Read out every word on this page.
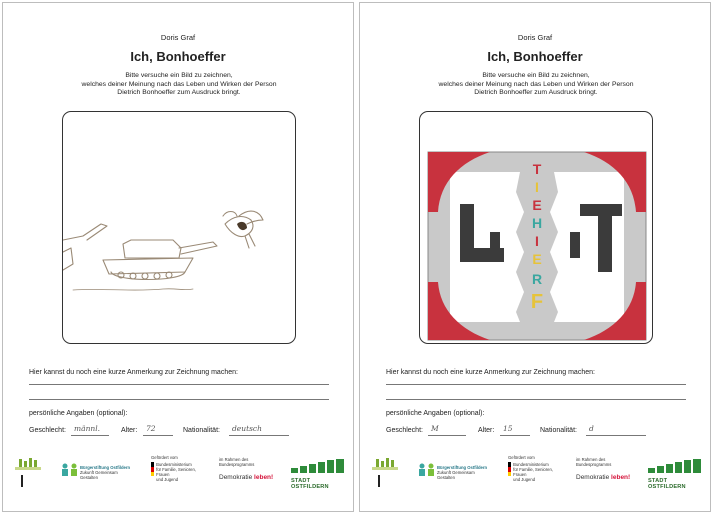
Doris Graf
Ich, Bonhoeffer
Bitte versuche ein Bild zu zeichnen,
welches deiner Meinung nach das Leben und Wirken der Person
Dietrich Bonhoeffer zum Ausdruck bringt.
Hier kannst du noch eine kurze Anmerkung zur Zeichnung machen:
persönliche Angaben (optional):
Geschlecht:	männl.	Alter:	72	Nationalität:	deutsch
Bürgerstiftung Ostfildern
Zukunft Gemeinsam Gestalten
Gefördert vom
Bundesministerium
für Familie, Senioren, Frauen
und Jugend
im Rahmen des Bundesprogramms
Demokratie leben!	STADT OSTFILDERN
Doris Graf
Ich, Bonhoeffer
Bitte versuche ein Bild zu zeichnen,
welches deiner Meinung nach das Leben und Wirken der Person
Dietrich Bonhoeffer zum Ausdruck bringt.
T
I
E
H
I
E
R
F
Hier kannst du noch eine kurze Anmerkung zur Zeichnung machen:
persönliche Angaben (optional):
Geschlecht:	M	Alter:	15	Nationalität:	d
Bürgerstiftung Ostfildern
Zukunft Gemeinsam Gestalten
Gefördert vom
Bundesministerium
für Familie, Senioren, Frauen
und Jugend
im Rahmen des Bundesprogramms
Demokratie leben!	STADT OSTFILDERN
